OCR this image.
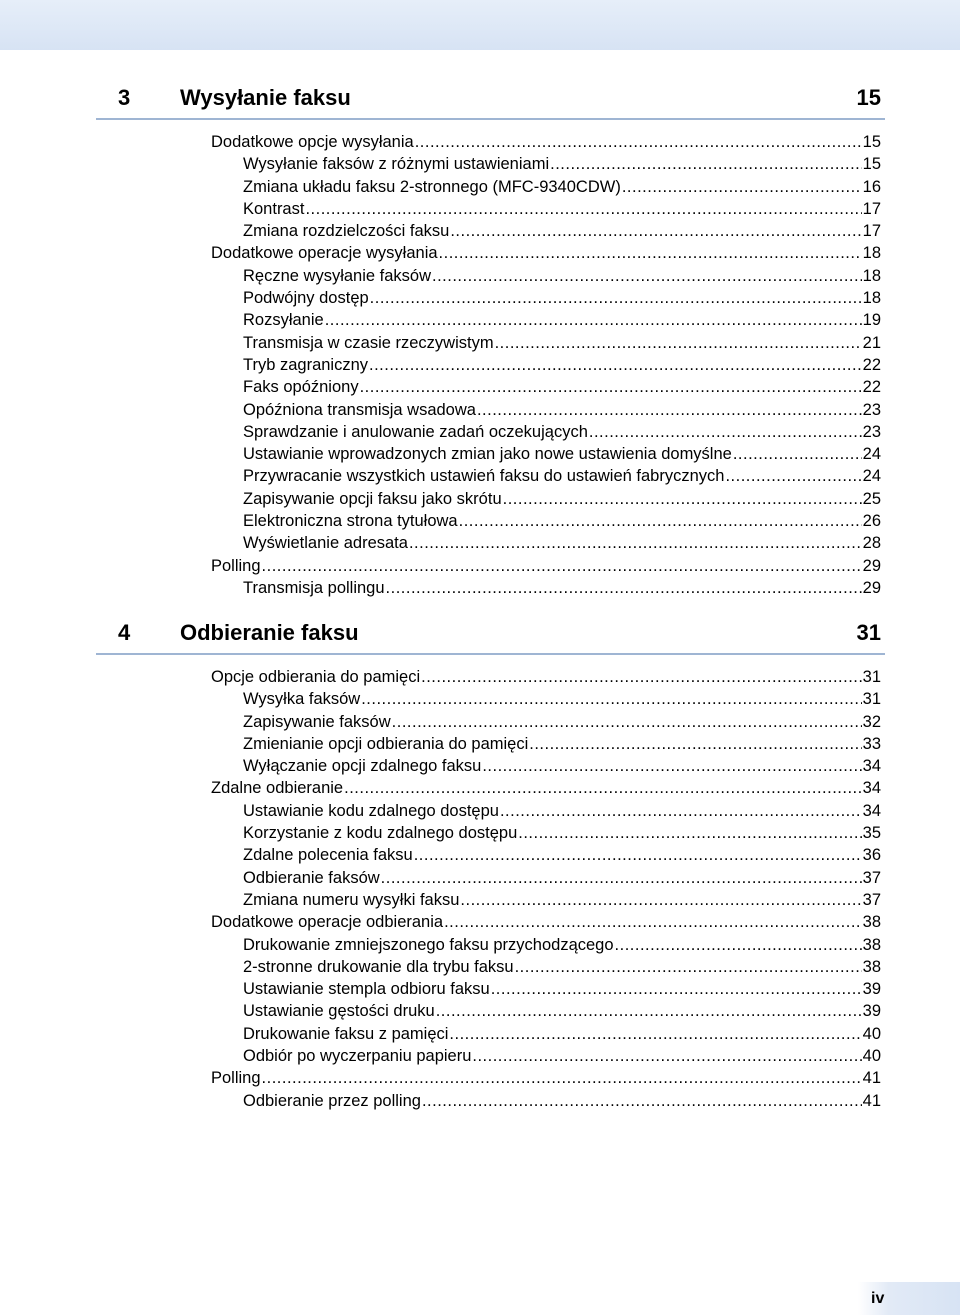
3 Wysyłanie faksu	15
Dodatkowe opcje wysyłania .....	15
Wysyłanie faksów z różnymi ustawieniami .....	15
Zmiana układu faksu 2-stronnego (MFC-9340CDW) .....	16
Kontrast .....	17
Zmiana rozdzielczości faksu .....	17
Dodatkowe operacje wysyłania .....	18
Ręczne wysyłanie faksów .....	18
Podwójny dostęp .....	18
Rozsyłanie .....	19
Transmisja w czasie rzeczywistym .....	21
Tryb zagraniczny .....	22
Faks opóźniony .....	22
Opóźniona transmisja wsadowa .....	23
Sprawdzanie i anulowanie zadań oczekujących .....	23
Ustawianie wprowadzonych zmian jako nowe ustawienia domyślne .....	24
Przywracanie wszystkich ustawień faksu do ustawień fabrycznych .....	24
Zapisywanie opcji faksu jako skrótu .....	25
Elektroniczna strona tytułowa .....	26
Wyświetlanie adresata .....	28
Polling .....	29
Transmisja pollingu .....	29
4 Odbieranie faksu	31
Opcje odbierania do pamięci .....	31
Wysyłka faksów .....	31
Zapisywanie faksów .....	32
Zmienianie opcji odbierania do pamięci .....	33
Wyłączanie opcji zdalnego faksu .....	34
Zdalne odbieranie .....	34
Ustawianie kodu zdalnego dostępu .....	34
Korzystanie z kodu zdalnego dostępu .....	35
Zdalne polecenia faksu .....	36
Odbieranie faksów .....	37
Zmiana numeru wysyłki faksu .....	37
Dodatkowe operacje odbierania .....	38
Drukowanie zmniejszonego faksu przychodzącego .....	38
2-stronne drukowanie dla trybu faksu .....	38
Ustawianie stempla odbioru faksu .....	39
Ustawianie gęstości druku .....	39
Drukowanie faksu z pamięci .....	40
Odbiór po wyczerpaniu papieru .....	40
Polling .....	41
Odbieranie przez polling .....	41
iv
